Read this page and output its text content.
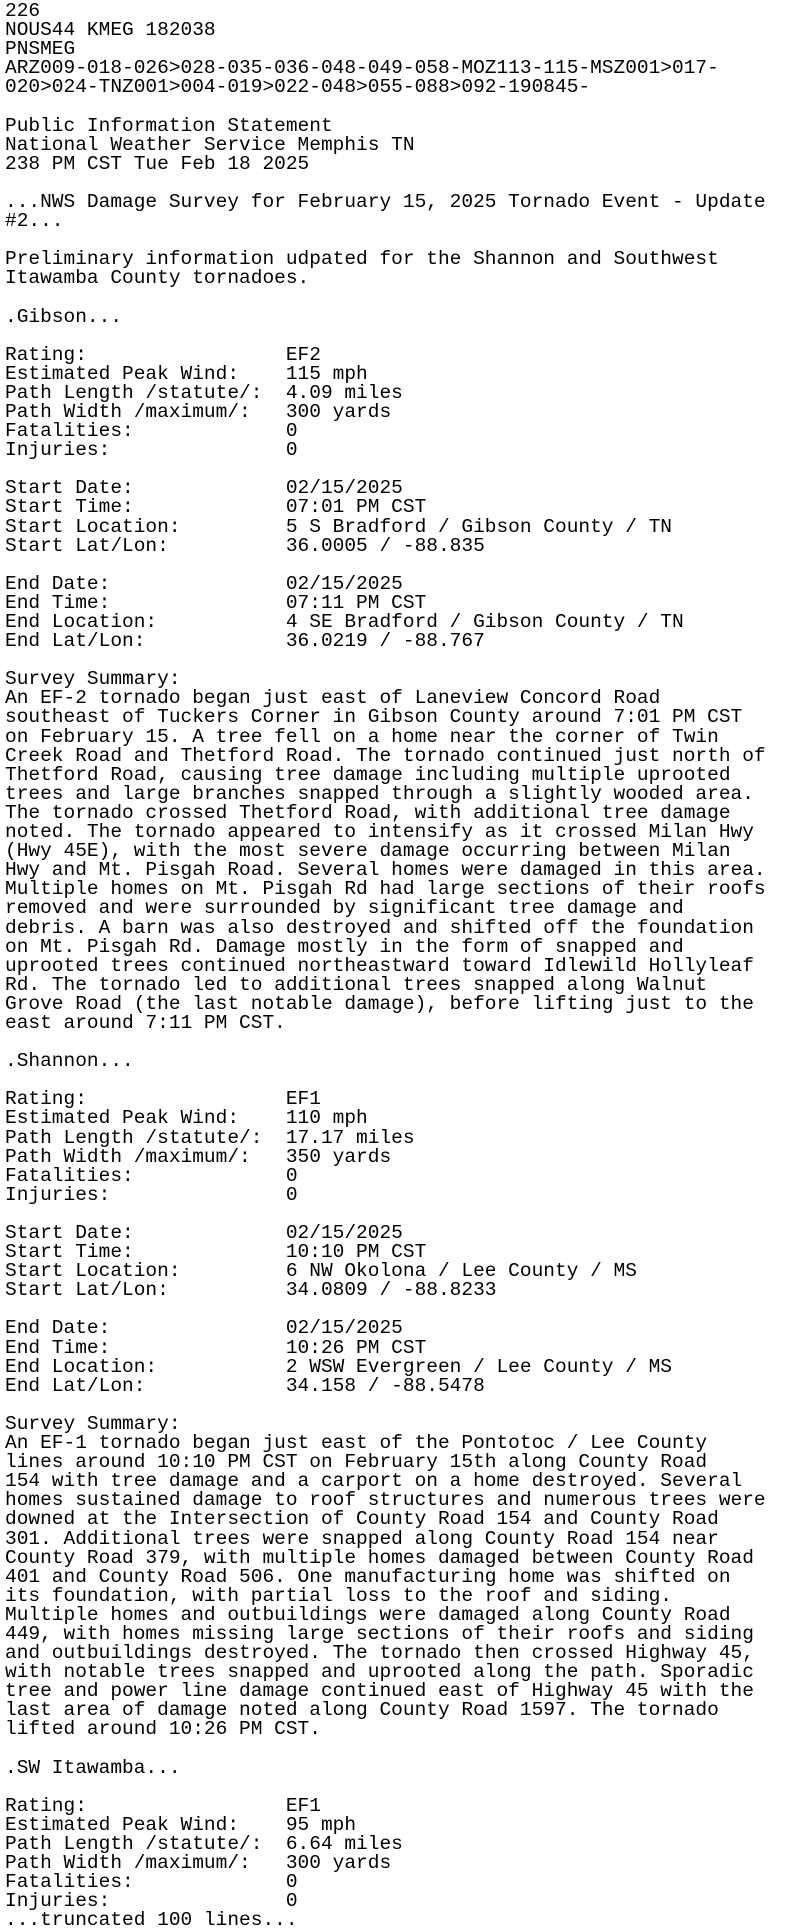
226
NOUS44 KMEG 182038
PNSMEG
ARZ009-018-026>028-035-036-048-049-058-MOZ113-115-MSZ001>017-
020>024-TNZ001>004-019>022-048>055-088>092-190845-

Public Information Statement
National Weather Service Memphis TN
238 PM CST Tue Feb 18 2025

...NWS Damage Survey for February 15, 2025 Tornado Event - Update
#2...

Preliminary information udpated for the Shannon and Southwest
Itawamba County tornadoes.

.Gibson...

Rating:                 EF2
Estimated Peak Wind:    115 mph
Path Length /statute/:  4.09 miles
Path Width /maximum/:   300 yards
Fatalities:             0
Injuries:               0

Start Date:             02/15/2025
Start Time:             07:01 PM CST
Start Location:         5 S Bradford / Gibson County / TN
Start Lat/Lon:          36.0005 / -88.835

End Date:               02/15/2025
End Time:               07:11 PM CST
End Location:           4 SE Bradford / Gibson County / TN
End Lat/Lon:            36.0219 / -88.767

Survey Summary:
An EF-2 tornado began just east of Laneview Concord Road
southeast of Tuckers Corner in Gibson County around 7:01 PM CST
on February 15. A tree fell on a home near the corner of Twin
Creek Road and Thetford Road. The tornado continued just north of
Thetford Road, causing tree damage including multiple uprooted
trees and large branches snapped through a slightly wooded area.
The tornado crossed Thetford Road, with additional tree damage
noted. The tornado appeared to intensify as it crossed Milan Hwy
(Hwy 45E), with the most severe damage occurring between Milan
Hwy and Mt. Pisgah Road. Several homes were damaged in this area.
Multiple homes on Mt. Pisgah Rd had large sections of their roofs
removed and were surrounded by significant tree damage and
debris. A barn was also destroyed and shifted off the foundation
on Mt. Pisgah Rd. Damage mostly in the form of snapped and
uprooted trees continued northeastward toward Idlewild Hollyleaf
Rd. The tornado led to additional trees snapped along Walnut
Grove Road (the last notable damage), before lifting just to the
east around 7:11 PM CST.

.Shannon...

Rating:                 EF1
Estimated Peak Wind:    110 mph
Path Length /statute/:  17.17 miles
Path Width /maximum/:   350 yards
Fatalities:             0
Injuries:               0

Start Date:             02/15/2025
Start Time:             10:10 PM CST
Start Location:         6 NW Okolona / Lee County / MS
Start Lat/Lon:          34.0809 / -88.8233

End Date:               02/15/2025
End Time:               10:26 PM CST
End Location:           2 WSW Evergreen / Lee County / MS
End Lat/Lon:            34.158 / -88.5478

Survey Summary:
An EF-1 tornado began just east of the Pontotoc / Lee County
lines around 10:10 PM CST on February 15th along County Road
154 with tree damage and a carport on a home destroyed. Several
homes sustained damage to roof structures and numerous trees were
downed at the Intersection of County Road 154 and County Road
301. Additional trees were snapped along County Road 154 near
County Road 379, with multiple homes damaged between County Road
401 and County Road 506. One manufacturing home was shifted on
its foundation, with partial loss to the roof and siding.
Multiple homes and outbuildings were damaged along County Road
449, with homes missing large sections of their roofs and siding
and outbuildings destroyed. The tornado then crossed Highway 45,
with notable trees snapped and uprooted along the path. Sporadic
tree and power line damage continued east of Highway 45 with the
last area of damage noted along County Road 1597. The tornado
lifted around 10:26 PM CST.

.SW Itawamba...

Rating:                 EF1
Estimated Peak Wind:    95 mph
Path Length /statute/:  6.64 miles
Path Width /maximum/:   300 yards
Fatalities:             0
Injuries:               0
...truncated 100 lines...
